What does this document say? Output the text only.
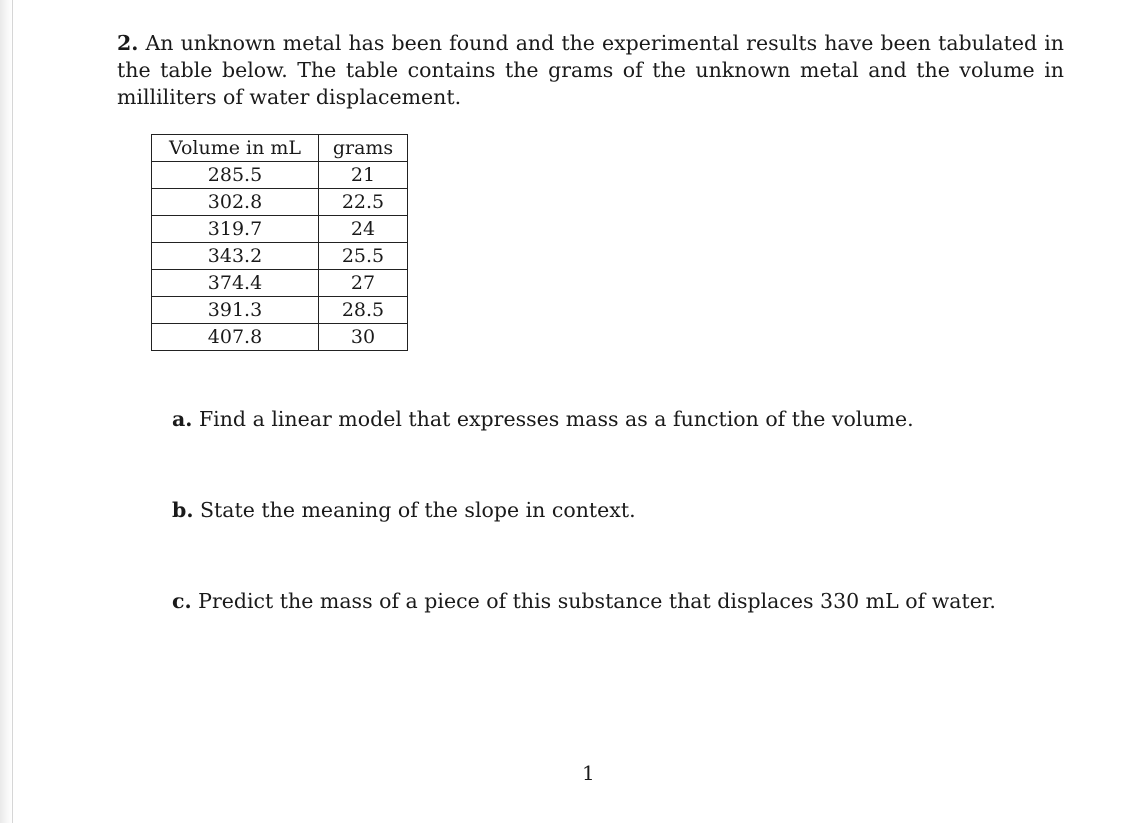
2. An unknown metal has been found and the experimental results have been tabulated in the table below. The table contains the grams of the unknown metal and the volume in milliliters of water displacement.

Volume in mL	grams
285.5	21
302.8	22.5
319.7	24
343.2	25.5
374.4	27
391.3	28.5
407.8	30
a. Find a linear model that expresses mass as a function of the volume.
b. State the meaning of the slope in context.
c. Predict the mass of a piece of this substance that displaces 330 mL of water.
1
